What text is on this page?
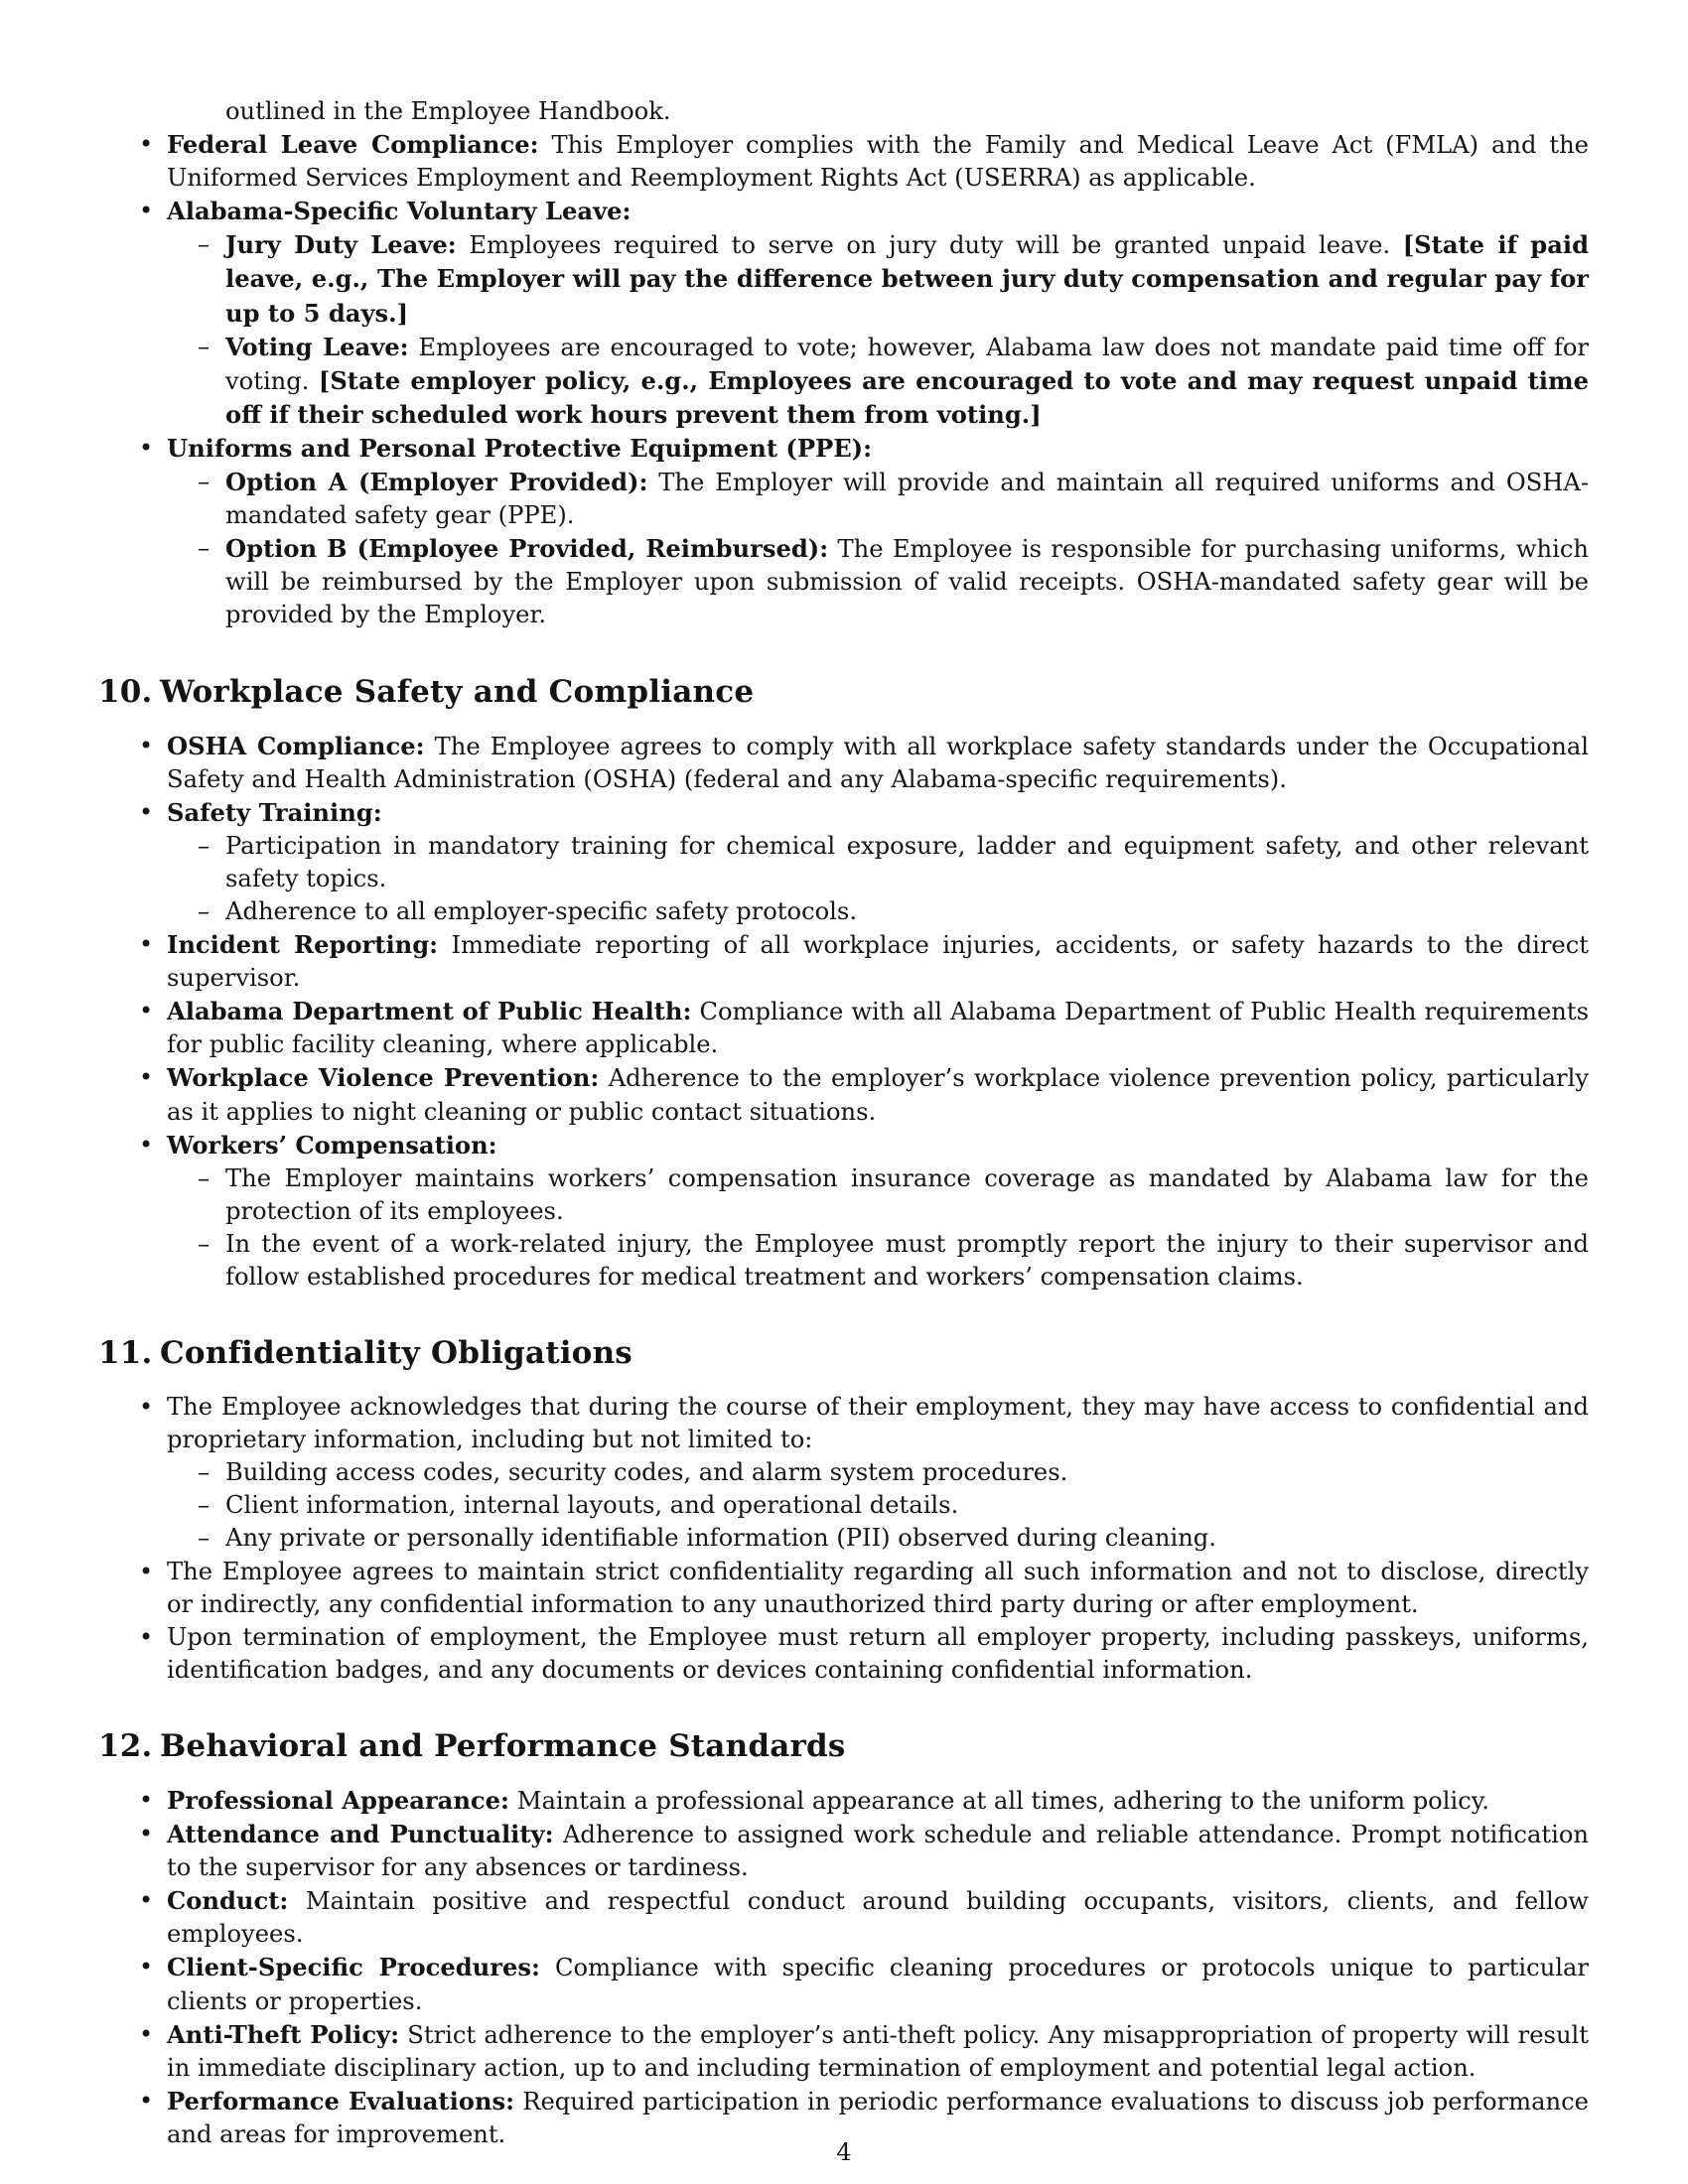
outlined in the Employee Handbook.

• Federal Leave Compliance: This Employer complies with the Family and Medical Leave Act (FMLA) and the Uniformed Services Employment and Reemployment Rights Act (USERRA) as applicable.
• Alabama-Specific Voluntary Leave:
– Jury Duty Leave: Employees required to serve on jury duty will be granted unpaid leave. [State if paid leave, e.g., The Employer will pay the difference between jury duty compensation and regular pay for up to 5 days.]
– Voting Leave: Employees are encouraged to vote; however, Alabama law does not mandate paid time off for voting. [State employer policy, e.g., Employees are encouraged to vote and may request unpaid time off if their scheduled work hours prevent them from voting.]
• Uniforms and Personal Protective Equipment (PPE):
– Option A (Employer Provided): The Employer will provide and maintain all required uniforms and OSHA-mandated safety gear (PPE).
– Option B (Employee Provided, Reimbursed): The Employee is responsible for purchasing uniforms, which will be reimbursed by the Employer upon submission of valid receipts. OSHA-mandated safety gear will be provided by the Employer.
10. Workplace Safety and Compliance
• OSHA Compliance: The Employee agrees to comply with all workplace safety standards under the Occupational Safety and Health Administration (OSHA) (federal and any Alabama-specific requirements).
• Safety Training:
– Participation in mandatory training for chemical exposure, ladder and equipment safety, and other relevant safety topics.
– Adherence to all employer-specific safety protocols.
• Incident Reporting: Immediate reporting of all workplace injuries, accidents, or safety hazards to the direct supervisor.
• Alabama Department of Public Health: Compliance with all Alabama Department of Public Health requirements for public facility cleaning, where applicable.
• Workplace Violence Prevention: Adherence to the employer’s workplace violence prevention policy, particularly as it applies to night cleaning or public contact situations.
• Workers’ Compensation:
– The Employer maintains workers’ compensation insurance coverage as mandated by Alabama law for the protection of its employees.
– In the event of a work-related injury, the Employee must promptly report the injury to their supervisor and follow established procedures for medical treatment and workers’ compensation claims.
11. Confidentiality Obligations
• The Employee acknowledges that during the course of their employment, they may have access to confidential and proprietary information, including but not limited to:
– Building access codes, security codes, and alarm system procedures.
– Client information, internal layouts, and operational details.
– Any private or personally identifiable information (PII) observed during cleaning.
• The Employee agrees to maintain strict confidentiality regarding all such information and not to disclose, directly or indirectly, any confidential information to any unauthorized third party during or after employment.
• Upon termination of employment, the Employee must return all employer property, including passkeys, uniforms, identification badges, and any documents or devices containing confidential information.
12. Behavioral and Performance Standards
• Professional Appearance: Maintain a professional appearance at all times, adhering to the uniform policy.
• Attendance and Punctuality: Adherence to assigned work schedule and reliable attendance. Prompt notification to the supervisor for any absences or tardiness.
• Conduct: Maintain positive and respectful conduct around building occupants, visitors, clients, and fellow employees.
• Client-Specific Procedures: Compliance with specific cleaning procedures or protocols unique to particular clients or properties.
• Anti-Theft Policy: Strict adherence to the employer’s anti-theft policy. Any misappropriation of property will result in immediate disciplinary action, up to and including termination of employment and potential legal action.
• Performance Evaluations: Required participation in periodic performance evaluations to discuss job performance and areas for improvement.
4
